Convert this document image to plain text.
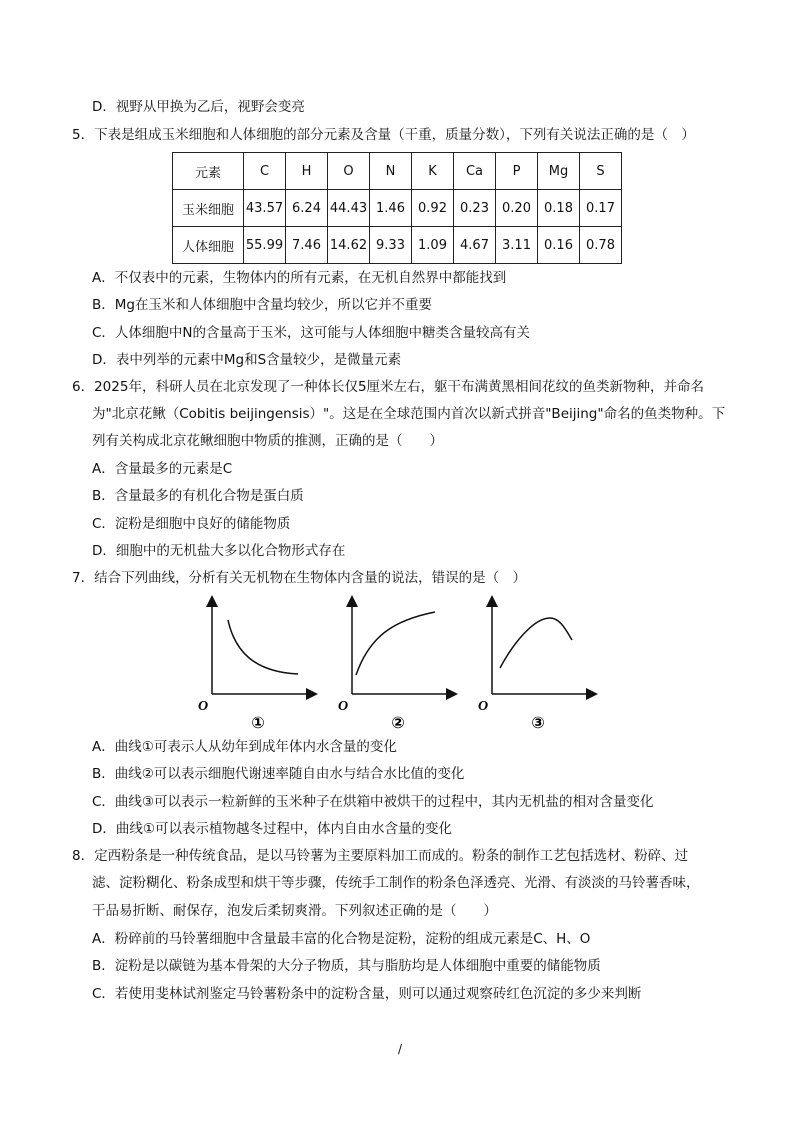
D．视野从甲换为乙后，视野会变亮
5．下表是组成玉米细胞和人体细胞的部分元素及含量（干重，质量分数），下列有关说法正确的是（　）
元素	C	H	O	N	K	Ca	P	Mg	S
玉米细胞	43.57	6.24	44.43	1.46	0.92	0.23	0.20	0.18	0.17
人体细胞	55.99	7.46	14.62	9.33	1.09	4.67	3.11	0.16	0.78
A．不仅表中的元素，生物体内的所有元素，在无机自然界中都能找到
B．Mg在玉米和人体细胞中含量均较少，所以它并不重要
C．人体细胞中N的含量高于玉米，这可能与人体细胞中糖类含量较高有关
D．表中列举的元素中Mg和S含量较少，是微量元素
6．2025年，科研人员在北京发现了一种体长仅5厘米左右，躯干布满黄黑相间花纹的鱼类新物种，并命名
为"北京花鳅（Cobitis beijingensis）"。这是在全球范围内首次以新式拼音"Beijing"命名的鱼类物种。下
列有关构成北京花鳅细胞中物质的推测，正确的是（　　）
A．含量最多的元素是C
B．含量最多的有机化合物是蛋白质
C．淀粉是细胞中良好的储能物质
D．细胞中的无机盐大多以化合物形式存在
7．结合下列曲线，分析有关无机物在生物体内含量的说法，错误的是（　）
O
①
O
②
O
③
A．曲线①可表示人从幼年到成年体内水含量的变化
B．曲线②可以表示细胞代谢速率随自由水与结合水比值的变化
C．曲线③可以表示一粒新鲜的玉米种子在烘箱中被烘干的过程中，其内无机盐的相对含量变化
D．曲线①可以表示植物越冬过程中，体内自由水含量的变化
8．定西粉条是一种传统食品，是以马铃薯为主要原料加工而成的。粉条的制作工艺包括选材、粉碎、过
滤、淀粉糊化、粉条成型和烘干等步骤，传统手工制作的粉条色泽透亮、光滑、有淡淡的马铃薯香味，
干品易折断、耐保存，泡发后柔韧爽滑。下列叙述正确的是（　　）
A．粉碎前的马铃薯细胞中含量最丰富的化合物是淀粉，淀粉的组成元素是C、H、O
B．淀粉是以碳链为基本骨架的大分子物质，其与脂肪均是人体细胞中重要的储能物质
C．若使用斐林试剂鉴定马铃薯粉条中的淀粉含量，则可以通过观察砖红色沉淀的多少来判断
/
